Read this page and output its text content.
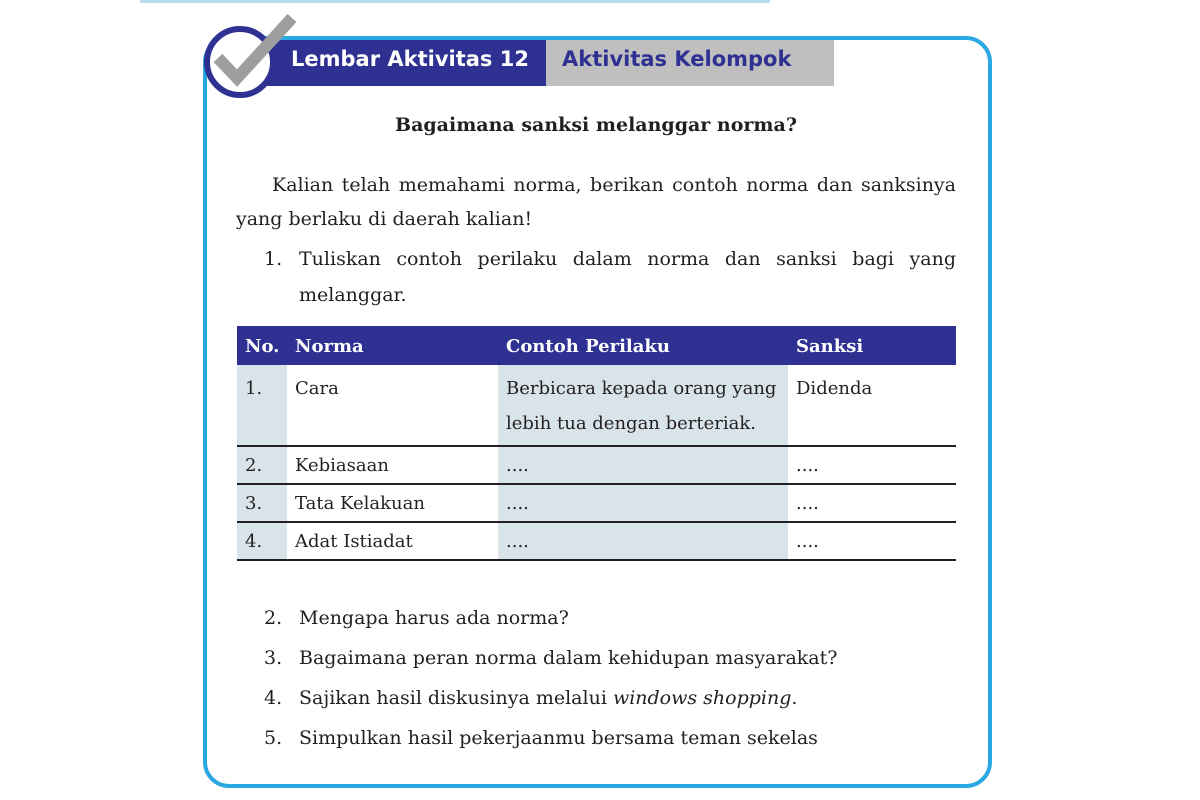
Lembar Aktivitas 12 Aktivitas Kelompok
Bagaimana sanksi melanggar norma?
Kalian telah memahami norma, berikan contoh norma dan sanksinya yang berlaku di daerah kalian!
1. Tuliskan contoh perilaku dalam norma dan sanksi bagi yang melanggar.
No.	Norma	Contoh Perilaku	Sanksi
1.	Cara	Berbicara kepada orang yang lebih tua dengan berteriak.	Didenda
2.	Kebiasaan	....	....
3.	Tata Kelakuan	....	....
4.	Adat Istiadat	....	....
2. Mengapa harus ada norma?
3. Bagaimana peran norma dalam kehidupan masyarakat?
4. Sajikan hasil diskusinya melalui windows shopping.
5. Simpulkan hasil pekerjaanmu bersama teman sekelas
